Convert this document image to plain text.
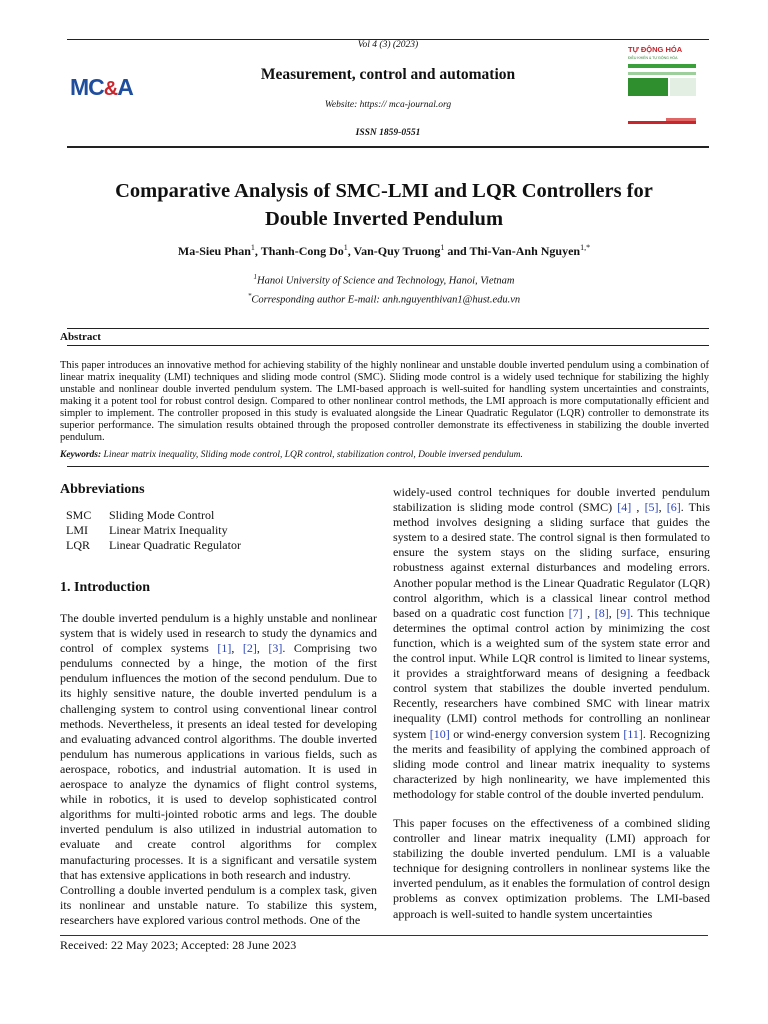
Vol 4 (3) (2023)
Measurement, control and automation
Website: https:// mca-journal.org
ISSN 1859-0551
MC&A
TỰ ĐỘNG HÓA
ĐIỀU KHIỂN & TỰ ĐỘNG HÓA
Comparative Analysis of SMC-LMI and LQR Controllers for
Double Inverted Pendulum
Ma-Sieu Phan$^1$, Thanh-Cong Do$^1$, Van-Quy Truong$^1$ and Thi-Van-Anh Nguyen$^{1,*}$
$^1$Hanoi University of Science and Technology, Hanoi, Vietnam
*Corresponding author E-mail: anh.nguyenthivan1@hust.edu.vn
Abstract
This paper introduces an innovative method for achieving stability of the highly nonlinear and unstable double inverted pendulum using a combination of linear matrix inequality (LMI) techniques and sliding mode control (SMC). Sliding mode control is a widely used technique for stabilizing the highly unstable and nonlinear double inverted pendulum system. The LMI-based approach is well-suited for handling system uncertainties and constraints, making it a potent tool for robust control design. Compared to other nonlinear control methods, the LMI approach is more computationally efficient and simpler to implement. The controller proposed in this study is evaluated alongside the Linear Quadratic Regulator (LQR) controller to demonstrate its superior performance. The simulation results obtained through the proposed controller demonstrate its effectiveness in stabilizing the double inverted pendulum.
Keywords: Linear matrix inequality, Sliding mode control, LQR control, stabilization control, Double inversed pendulum.
Abbreviations
SMC Sliding Mode Control
LMI Linear Matrix Inequality
LQR Linear Quadratic Regulator
1. Introduction

The double inverted pendulum is a highly unstable and nonlinear system that is widely used in research to study the dynamics and control of complex systems [1], [2], [3]. Comprising two pendulums connected by a hinge, the motion of the first pendulum influences the motion of the second pendulum. Due to its highly sensitive nature, the double inverted pendulum is a challenging system to control using conventional linear control methods. Nevertheless, it presents an ideal tested for developing and evaluating advanced control algorithms. The double inverted pendulum has numerous applications in various fields, such as aerospace, robotics, and industrial automation. It is used in aerospace to analyze the dynamics of flight control systems, while in robotics, it is used to develop sophisticated control algorithms for multi-jointed robotic arms and legs. The double inverted pendulum is also utilized in industrial automation to evaluate and create control algorithms for complex manufacturing processes. It is a significant and versatile system that has extensive applications in both research and industry.

Controlling a double inverted pendulum is a complex task, given its nonlinear and unstable nature. To stabilize this system, researchers have explored various control methods. One of the

widely-used control techniques for double inverted pendulum stabilization is sliding mode control (SMC) [4] , [5], [6]. This method involves designing a sliding surface that guides the system to a desired state. The control signal is then formulated to ensure the system stays on the sliding surface, ensuring robustness against external disturbances and modeling errors. Another popular method is the Linear Quadratic Regulator (LQR) control algorithm, which is a classical linear control method based on a quadratic cost function [7] , [8], [9]. This technique determines the optimal control action by minimizing the cost function, which is a weighted sum of the system state error and the control input. While LQR control is limited to linear systems, it provides a straightforward means of designing a feedback control system that stabilizes the double inverted pendulum. Recently, researchers have combined SMC with linear matrix inequality (LMI) control methods for controlling an nonlinear system [10] or wind-energy conversion system [11]. Recognizing the merits and feasibility of applying the combined approach of sliding mode control and linear matrix inequality to systems characterized by high nonlinearity, we have implemented this methodology for stable control of the double inverted pendulum.

This paper focuses on the effectiveness of a combined sliding controller and linear matrix inequality (LMI) approach for stabilizing the double inverted pendulum. LMI is a valuable technique for designing controllers in nonlinear systems like the inverted pendulum, as it enables the formulation of control design problems as convex optimization problems. The LMI-based approach is well-suited to handle system uncertainties

Received: 22 May 2023; Accepted: 28 June 2023
